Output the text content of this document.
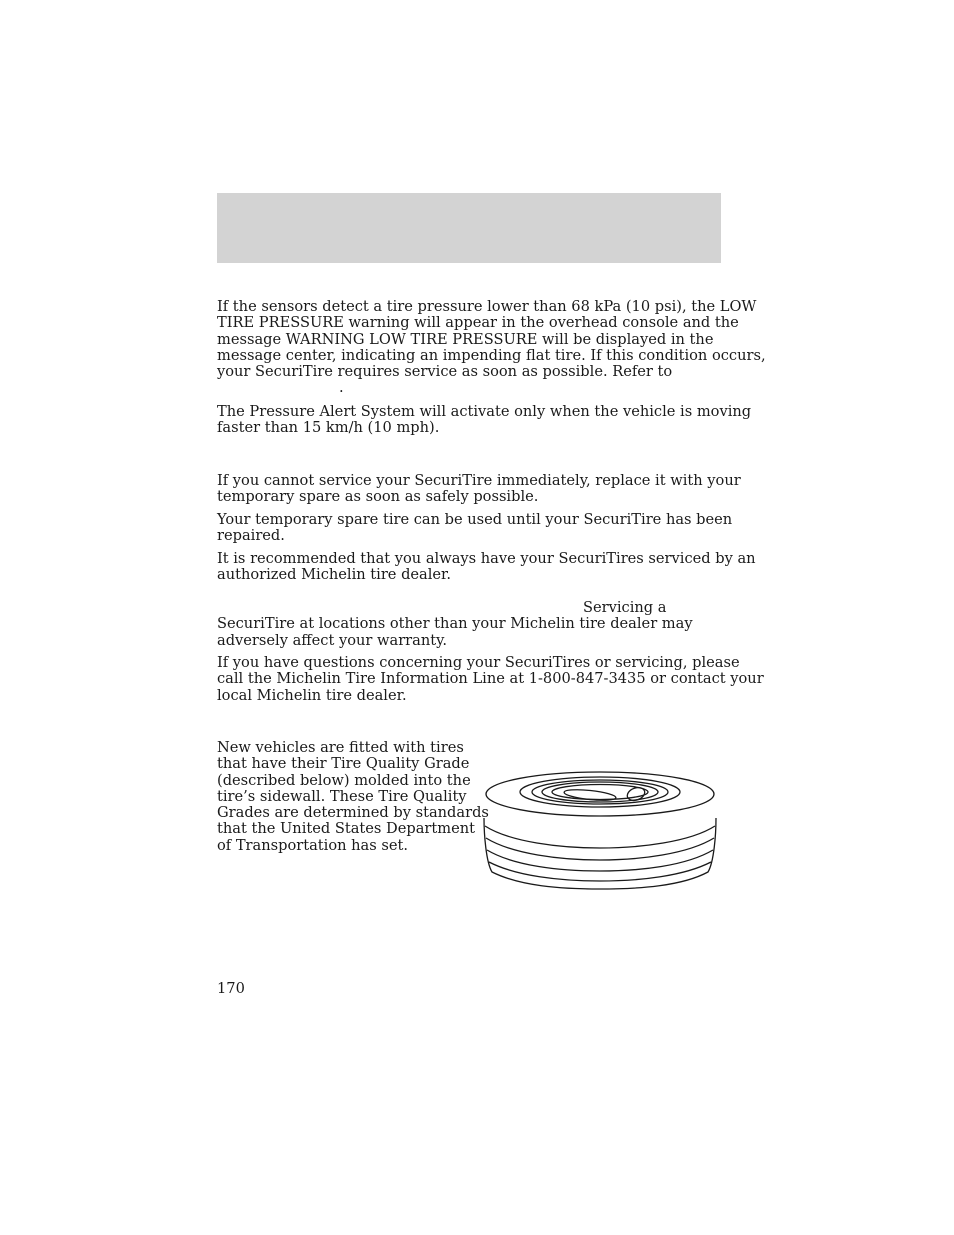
If the sensors detect a tire pressure lower than 68 kPa (10 psi), the LOW
TIRE PRESSURE warning will appear in the overhead console and the
message WARNING LOW TIRE PRESSURE will be displayed in the
message center, indicating an impending flat tire. If this condition occurs,
your SecuriTire requires service as soon as possible. Refer to
.

The Pressure Alert System will activate only when the vehicle is moving
faster than 15 km/h (10 mph).

If you cannot service your SecuriTire immediately, replace it with your
temporary spare as soon as safely possible.

Your temporary spare tire can be used until your SecuriTire has been
repaired.

It is recommended that you always have your SecuriTires serviced by an
authorized Michelin tire dealer.

Servicing a
SecuriTire at locations other than your Michelin tire dealer may
adversely affect your warranty.

If you have questions concerning your SecuriTires or servicing, please
call the Michelin Tire Information Line at 1-800-847-3435 or contact your
local Michelin tire dealer.

New vehicles are fitted with tires
that have their Tire Quality Grade
(described below) molded into the
tire’s sidewall. These Tire Quality
Grades are determined by standards
that the United States Department
of Transportation has set.

170
